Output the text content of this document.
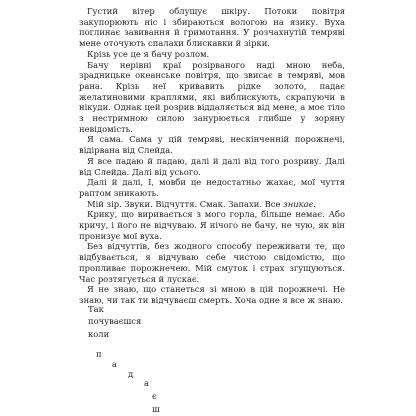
Густий вітер облущує шкіру. Потоки повітря закупорюють ніс і збираються вологою на язику. Вуха поглинає завивання й гримотання. У розчахнутій темряві мене оточують спалахи блискавки й зірки.

Крізь усе це я бачу розлом.

Бачу нерівні краї розірваного наді мною неба, зрадницьке океанське повітря, що звисає в темряві, мов рана. Крізь неї кривавить рідке золото, падає желатиновими краплями, які виблискують, скрапуючи в нікуди. Однак цей розрив віддаляється від мене, а моє тіло з нестримною силою занурюється глибше у зоряну невідомість.

Я сама. Сама у цій темряві, нескінченній порожнечі, відірвана від Слейда.

Я все падаю й падаю, далі й далі від того розриву. Далі від Слейда. Далі від усього.

Далі й далі, I, мовби це недостатньо жахає, мої чуття раптом зникають.

Мій зір. Звуки. Відчуття. Смак. Запахи. Все зникає.

Крику, що виривається з мого горла, більше немає. Або кричу, і його не відчуваю. Я нічого не бачу, не чую, як він пронизує мої вуха.

Без відчуттів, без жодного способу переживати те, що відбувається, я відчуваю себе чистою свідомістю, що пропливає порожнечею. Мій смуток і страх згущуються. Час розтягується й лускає.

Я не знаю, що станеться зі мною в цій порожнечі. Не знаю, чи так ти відчуваєш смерть. Хоча одне я все ж знаю.

Так
почуваєшся
коли
п
а
д
а
є
ш
